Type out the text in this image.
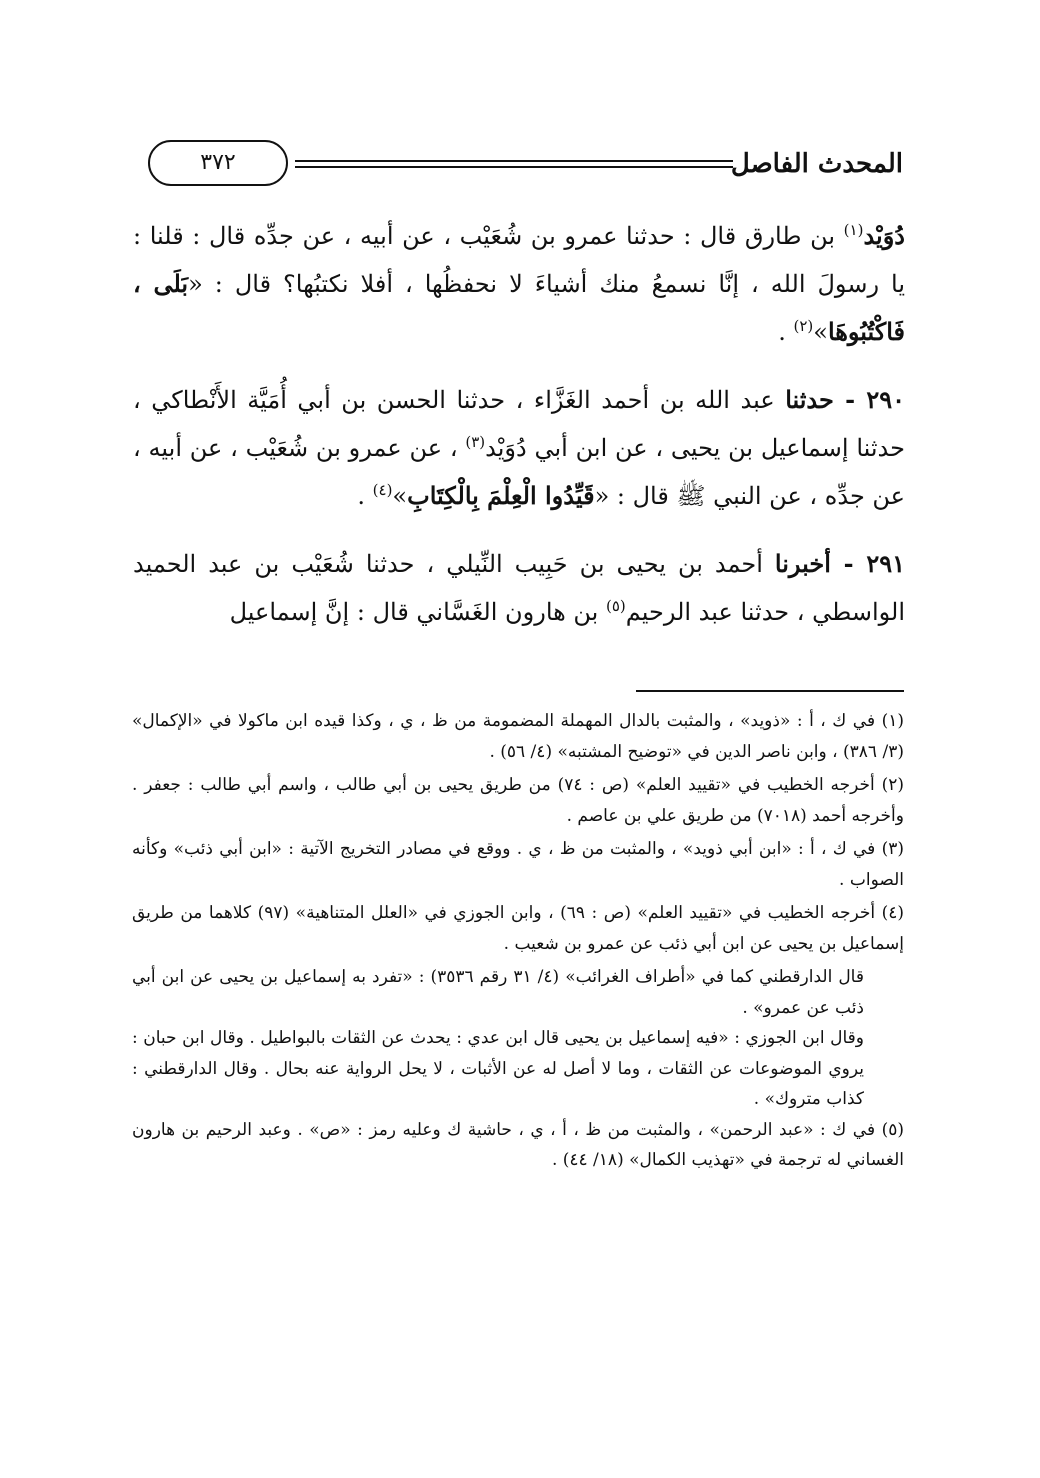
المحدث الفاصل
٣٧٢

دُوَيْد$^{(١)}$ بن طارق قال : حدثنا عمرو بن شُعَيْب ، عن أبيه ، عن جدِّه قال : قلنا : يا رسولَ الله ، إنَّا نسمعُ منك أشياءَ لا نحفظُها ، أفلا نكتبُها؟ قال : «بَلَى ، فَاكْتُبُوهَا»$^{(٢)}$ .

٢٩٠ - حدثنا عبد الله بن أحمد الغَزَّاء ، حدثنا الحسن بن أبي أُمَيَّة الأَنْطاكي ، حدثنا إسماعيل بن يحيى ، عن ابن أبي دُوَيْد$^{(٣)}$ ، عن عمرو بن شُعَيْب ، عن أبيه ، عن جدِّه ، عن النبي ﷺ قال : «قَيِّدُوا الْعِلْمَ بِالْكِتَابِ»$^{(٤)}$ .

٢٩١ - أخبرنا أحمد بن يحيى بن حَبِيب النِّيلي ، حدثنا شُعَيْب بن عبد الحميد الواسطي ، حدثنا عبد الرحيم$^{(٥)}$ بن هارون الغَسَّاني قال : إنَّ إسماعيل

(١) في ك ، أ : «ذويد» ، والمثبت بالدال المهملة المضمومة من ظ ، ي ، وكذا قيده ابن ماكولا في «الإكمال» (٣/ ٣٨٦) ، وابن ناصر الدين في «توضيح المشتبه» (٤/ ٥٦) .

(٢) أخرجه الخطيب في «تقييد العلم» (ص : ٧٤) من طريق يحيى بن أبي طالب ، واسم أبي طالب : جعفر . وأخرجه أحمد (٧٠١٨) من طريق علي بن عاصم .

(٣) في ك ، أ : «ابن أبي ذويد» ، والمثبت من ظ ، ي . ووقع في مصادر التخريج الآتية : «ابن أبي ذئب» وكأنه الصواب .

(٤) أخرجه الخطيب في «تقييد العلم» (ص : ٦٩) ، وابن الجوزي في «العلل المتناهية» (٩٧) كلاهما من طريق إسماعيل بن يحيى عن ابن أبي ذئب عن عمرو بن شعيب .

قال الدارقطني كما في «أطراف الغرائب» (٤/ ٣١ رقم ٣٥٣٦) : «تفرد به إسماعيل بن يحيى عن ابن أبي ذئب عن عمرو» .

وقال ابن الجوزي : «فيه إسماعيل بن يحيى قال ابن عدي : يحدث عن الثقات بالبواطيل . وقال ابن حبان : يروي الموضوعات عن الثقات ، وما لا أصل له عن الأثبات ، لا يحل الرواية عنه بحال . وقال الدارقطني : كذاب متروك» .

(٥) في ك : «عبد الرحمن» ، والمثبت من ظ ، أ ، ي ، حاشية ك وعليه رمز : «ص» . وعبد الرحيم بن هارون الغساني له ترجمة في «تهذيب الكمال» (١٨/ ٤٤) .
